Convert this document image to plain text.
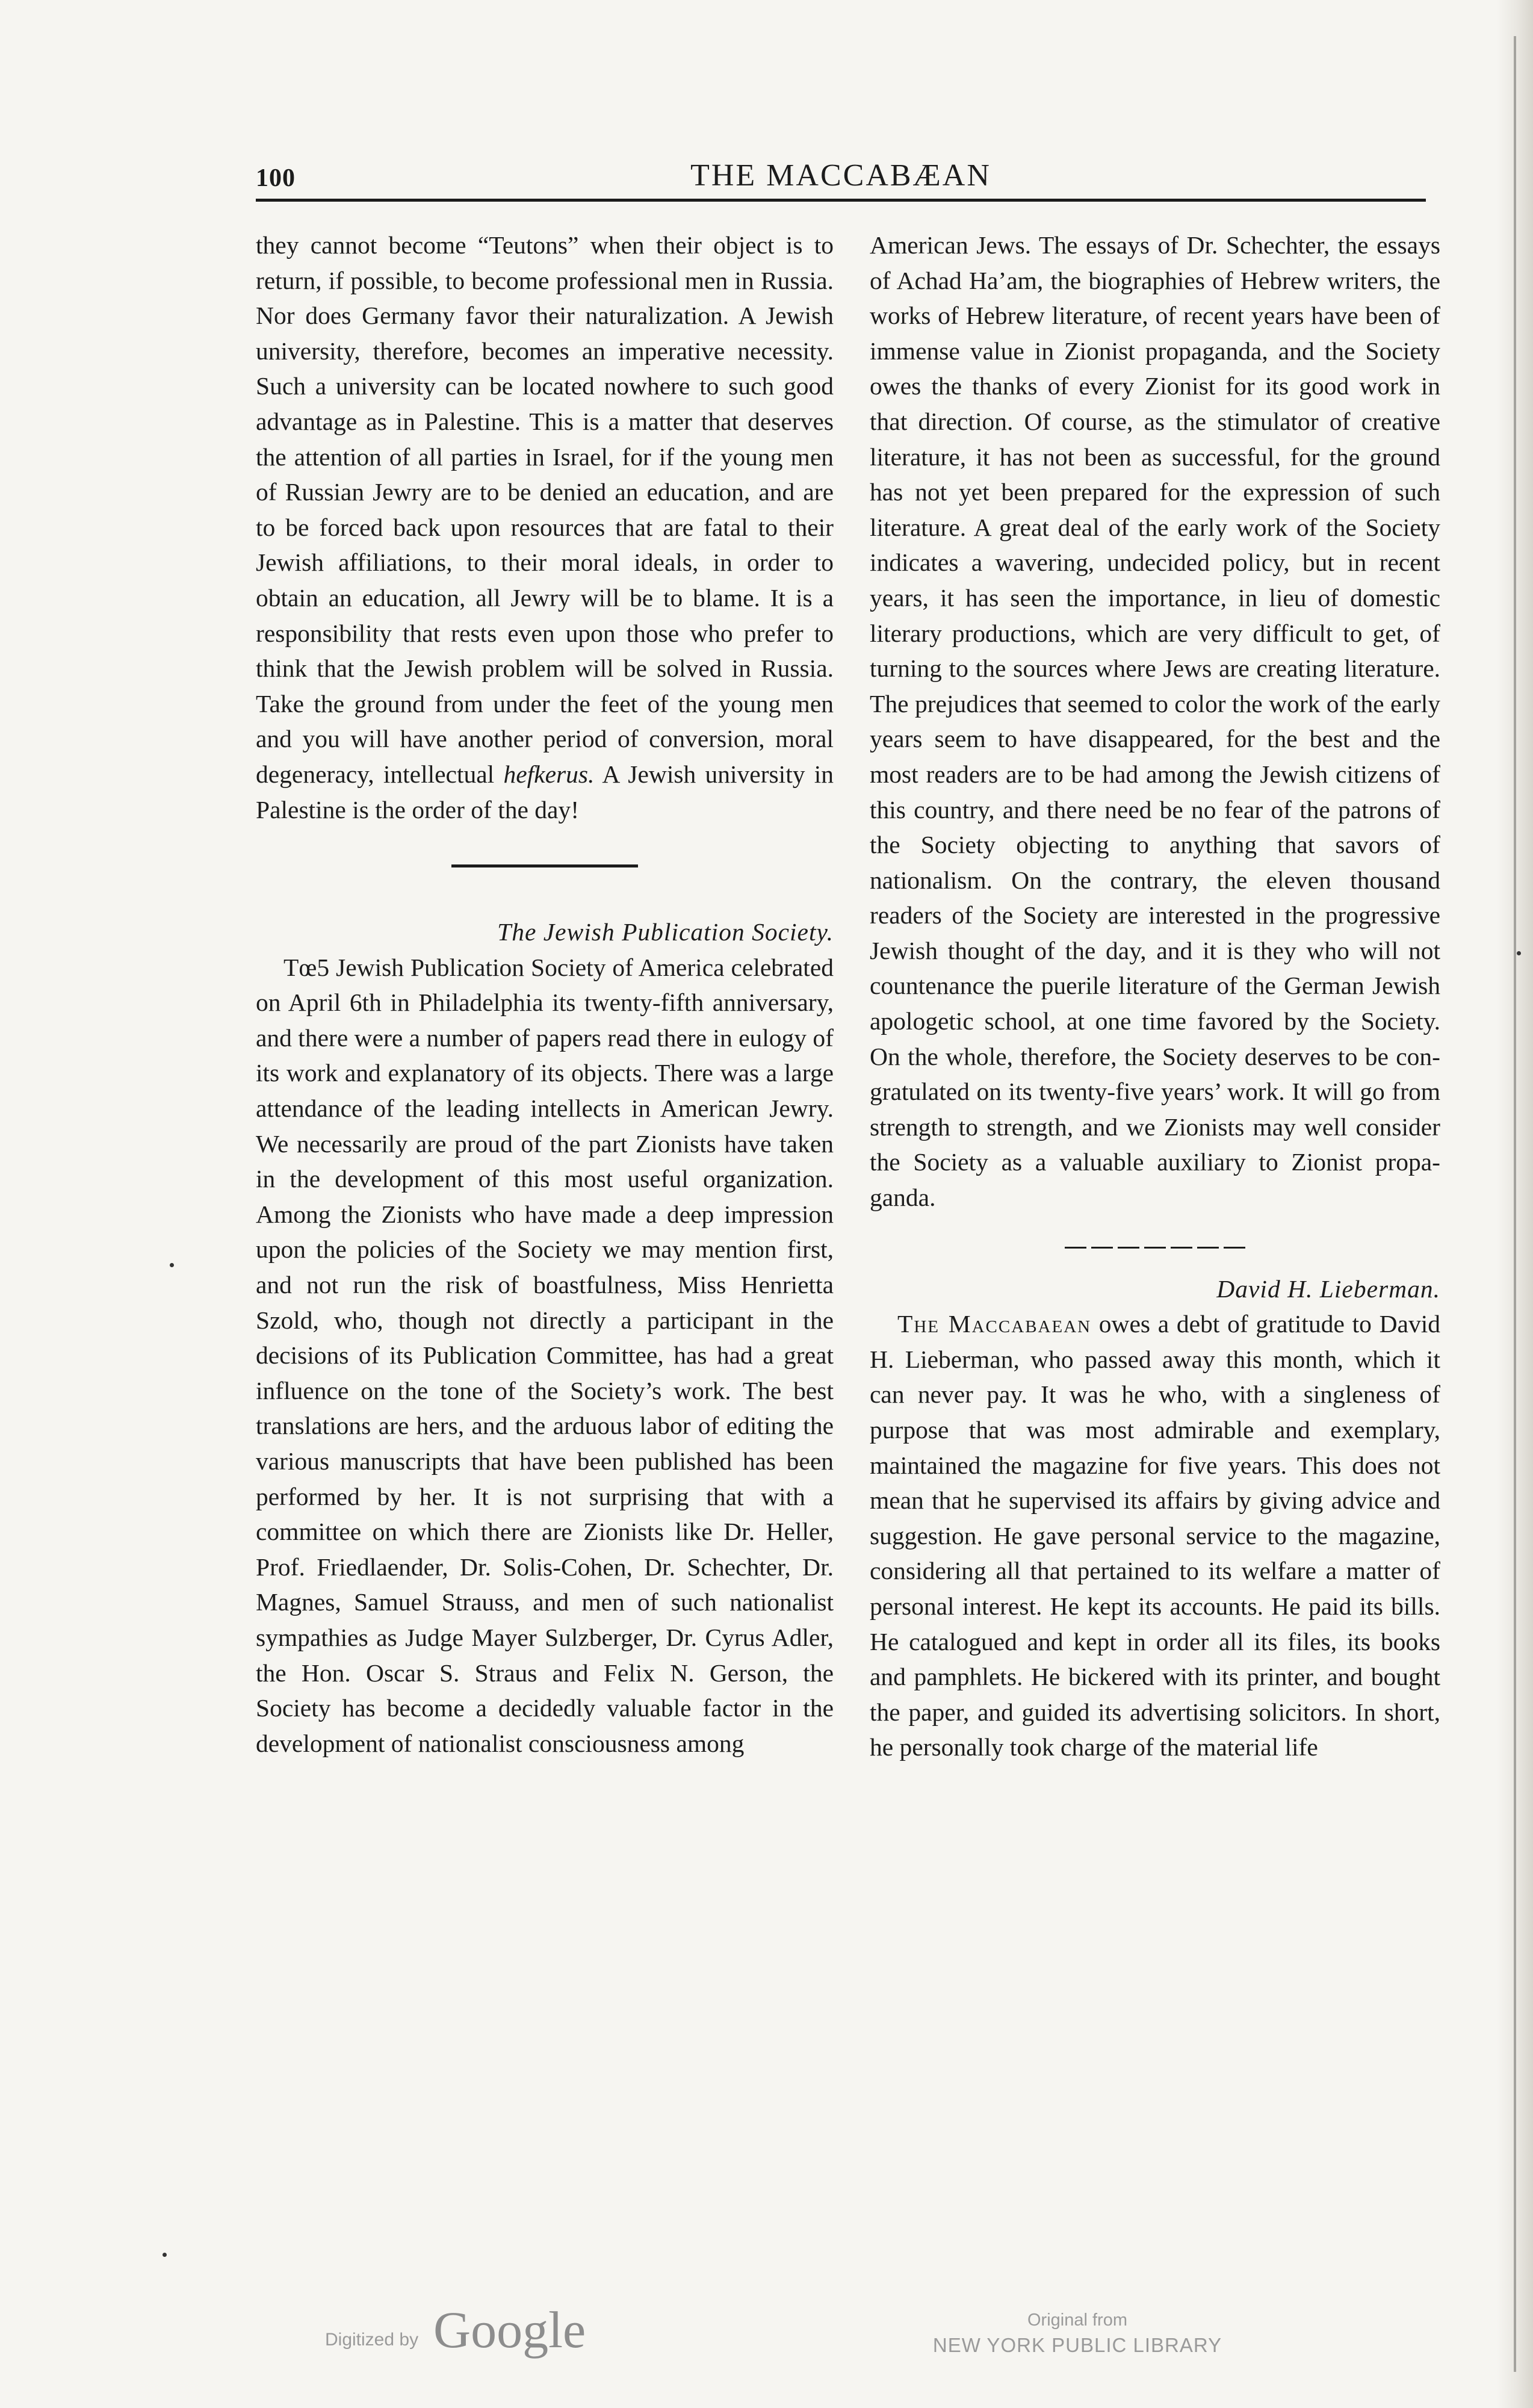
100	THE MACCABÆAN

they cannot become “Teutons” when their object is to return, if possible, to become professional men in Russia. Nor does Germany favor their naturalization. A Jewish university, therefore, becomes an imperative necessity. Such a university can be located nowhere to such good advantage as in Palestine. This is a matter that deserves the attention of all parties in Israel, for if the young men of Russian Jewry are to be denied an education, and are to be forced back upon resources that are fatal to their Jewish affiliations, to their moral ideals, in order to obtain an education, all Jewry will be to blame. It is a responsibility that rests even upon those who prefer to think that the Jewish problem will be solved in Russia. Take the ground from under the feet of the young men and you will have another period of conversion, moral degeneracy, intellectual hefkerus. A Jewish university in Palestine is the order of the day!

The Jewish Publication Society.

Tœ5 Jewish Publication Society of America celebrated on April 6th in Philadelphia its twenty-fifth anniversary, and there were a number of papers read there in eulogy of its work and explanatory of its objects. There was a large attendance of the leading intellects in American Jewry. We necessarily are proud of the part Zionists have taken in the development of this most useful organization. Among the Zionists who have made a deep impression upon the policies of the Society we may mention first, and not run the risk of boastfulness, Miss Henrietta Szold, who, though not directly a participant in the decisions of its Publication Committee, has had a great influence on the tone of the Society’s work. The best translations are hers, and the arduous labor of editing the various manuscripts that have been published has been performed by her. It is not surprising that with a committee on which there are Zionists like Dr. Heller, Prof. Friedlaender, Dr. Solis-Cohen, Dr. Schechter, Dr. Magnes, Samuel Strauss, and men of such nationalist sympathies as Judge Mayer Sulzberger, Dr. Cyrus Adler, the Hon. Oscar S. Straus and Felix N. Gerson, the Society has become a decidedly valuable factor in the development of nationalist consciousness among

American Jews. The essays of Dr. Schechter, the essays of Achad Ha’am, the biographies of Hebrew writers, the works of Hebrew literature, of recent years have been of immense value in Zionist propaganda, and the Society owes the thanks of every Zionist for its good work in that direction. Of course, as the stimulator of creative literature, it has not been as successful, for the ground has not yet been prepared for the expression of such literature. A great deal of the early work of the Society indicates a wavering, undecided policy, but in recent years, it has seen the importance, in lieu of domestic literary productions, which are very difficult to get, of turning to the sources where Jews are creating literature. The prejudices that seemed to color the work of the early years seem to have disappeared, for the best and the most readers are to be had among the Jewish citizens of this country, and there need be no fear of the patrons of the Society objecting to anything that savors of nationalism. On the contrary, the eleven thousand readers of the Society are interested in the progressive Jewish thought of the day, and it is they who will not countenance the puerile literature of the German Jewish apologetic school, at one time favored by the Society. On the whole, therefore, the Society deserves to be congratulated on its twenty-five years’ work. It will go from strength to strength, and we Zionists may well consider the Society as a valuable auxiliary to Zionist propaganda.

David H. Lieberman.

The Maccabaean owes a debt of gratitude to David H. Lieberman, who passed away this month, which it can never pay. It was he who, with a singleness of purpose that was most admirable and exemplary, maintained the magazine for five years. This does not mean that he supervised its affairs by giving advice and suggestion. He gave personal service to the magazine, considering all that pertained to its welfare a matter of personal interest. He kept its accounts. He paid its bills. He catalogued and kept in order all its files, its books and pamphlets. He bickered with its printer, and bought the paper, and guided its advertising solicitors. In short, he personally took charge of the material life

Digitized by Google	Original from
NEW YORK PUBLIC LIBRARY
